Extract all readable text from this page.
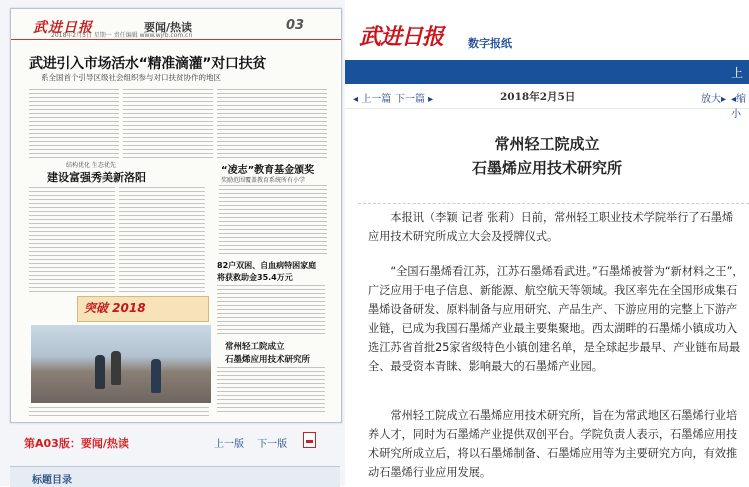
武进日报	要闻/热读	03
2018年2月5日 星期一 责任编辑 www.wjrb.com.cn
武进引入市场活水“精准滴灌”对口扶贫
系全国首个引导区级社会组织参与对口扶贫协作的地区
结构优化 生态优先
建设富强秀美新洛阳
“凌志”教育基金颁奖
奖励范围覆盖教育系统所有小学
82户双困、自血病特困家庭
将获救助金35.4万元
突破 2018
常州轻工院成立
石墨烯应用技术研究所
第A03版：要闻/热读	上一版 下一版
标题目录
武进日报 数字报纸
上
◂ 上一篇 下一篇 ▸	2018年2月5日	放大▸ ◂缩小
常州轻工院成立
石墨烯应用技术研究所
本报讯（李颖 记者 张莉）日前，常州轻工职业技术学院举行了石墨烯应用技术研究所成立大会及授牌仪式。
“全国石墨烯看江苏，江苏石墨烯看武进。”石墨烯被誉为“新材料之王”，广泛应用于电子信息、新能源、航空航天等领域。我区率先在全国形成集石墨烯设备研发、原料制备与应用研究、产品生产、下游应用的完整上下游产业链，已成为我国石墨烯产业最主要集聚地。西太湖畔的石墨烯小镇成功入选江苏省首批25家省级特色小镇创建名单，是全球起步最早、产业链布局最全、最受资本青睐、影响最大的石墨烯产业园。
常州轻工院成立石墨烯应用技术研究所，旨在为常武地区石墨烯行业培养人才，同时为石墨烯产业提供双创平台。学院负责人表示，石墨烯应用技术研究所成立后，将以石墨烯制备、石墨烯应用等为主要研究方向，有效推动石墨烯行业应用发展。
